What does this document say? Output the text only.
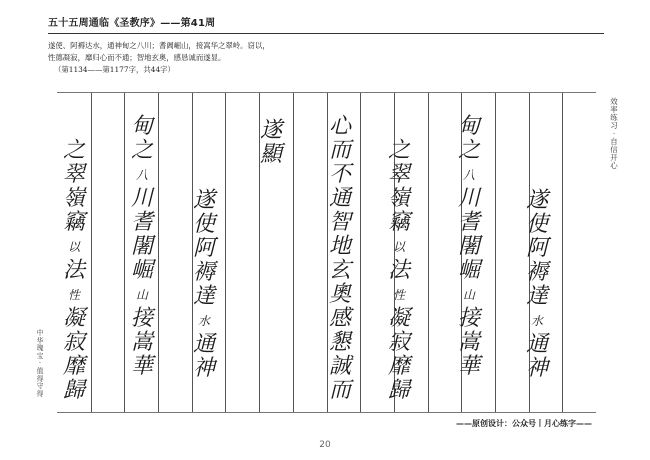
五十五周通临《圣教序》——第41周
遂使、阿褥达水，通神甸之八川；耆阇崛山，接嵩华之翠岭。窃以，
性德凝寂，靡归心而不通；智地玄奥，感恳诚而遂显。
（第1134——第1177字，共44字）
之
翠
嶺
竊
以
法
性
凝
寂
靡
歸
甸
之
八
川
耆
闍
崛
山
接
嵩
華
遂
使
阿
褥
達
水
通
神
遂
顯
心
而
不
通
智
地
玄
奧
感
懇
誠
而
之
翠
嶺
竊
以
法
性
凝
寂
靡
歸
甸
之
八
川
耆
闍
崛
山
接
嵩
華
遂
使
阿
褥
達
水
通
神
效
率
练
习
·
自
信
开
心
中
华
瑰
宝
·
值
得
守
得
——原创设计：公众号丨月心练字——
20
